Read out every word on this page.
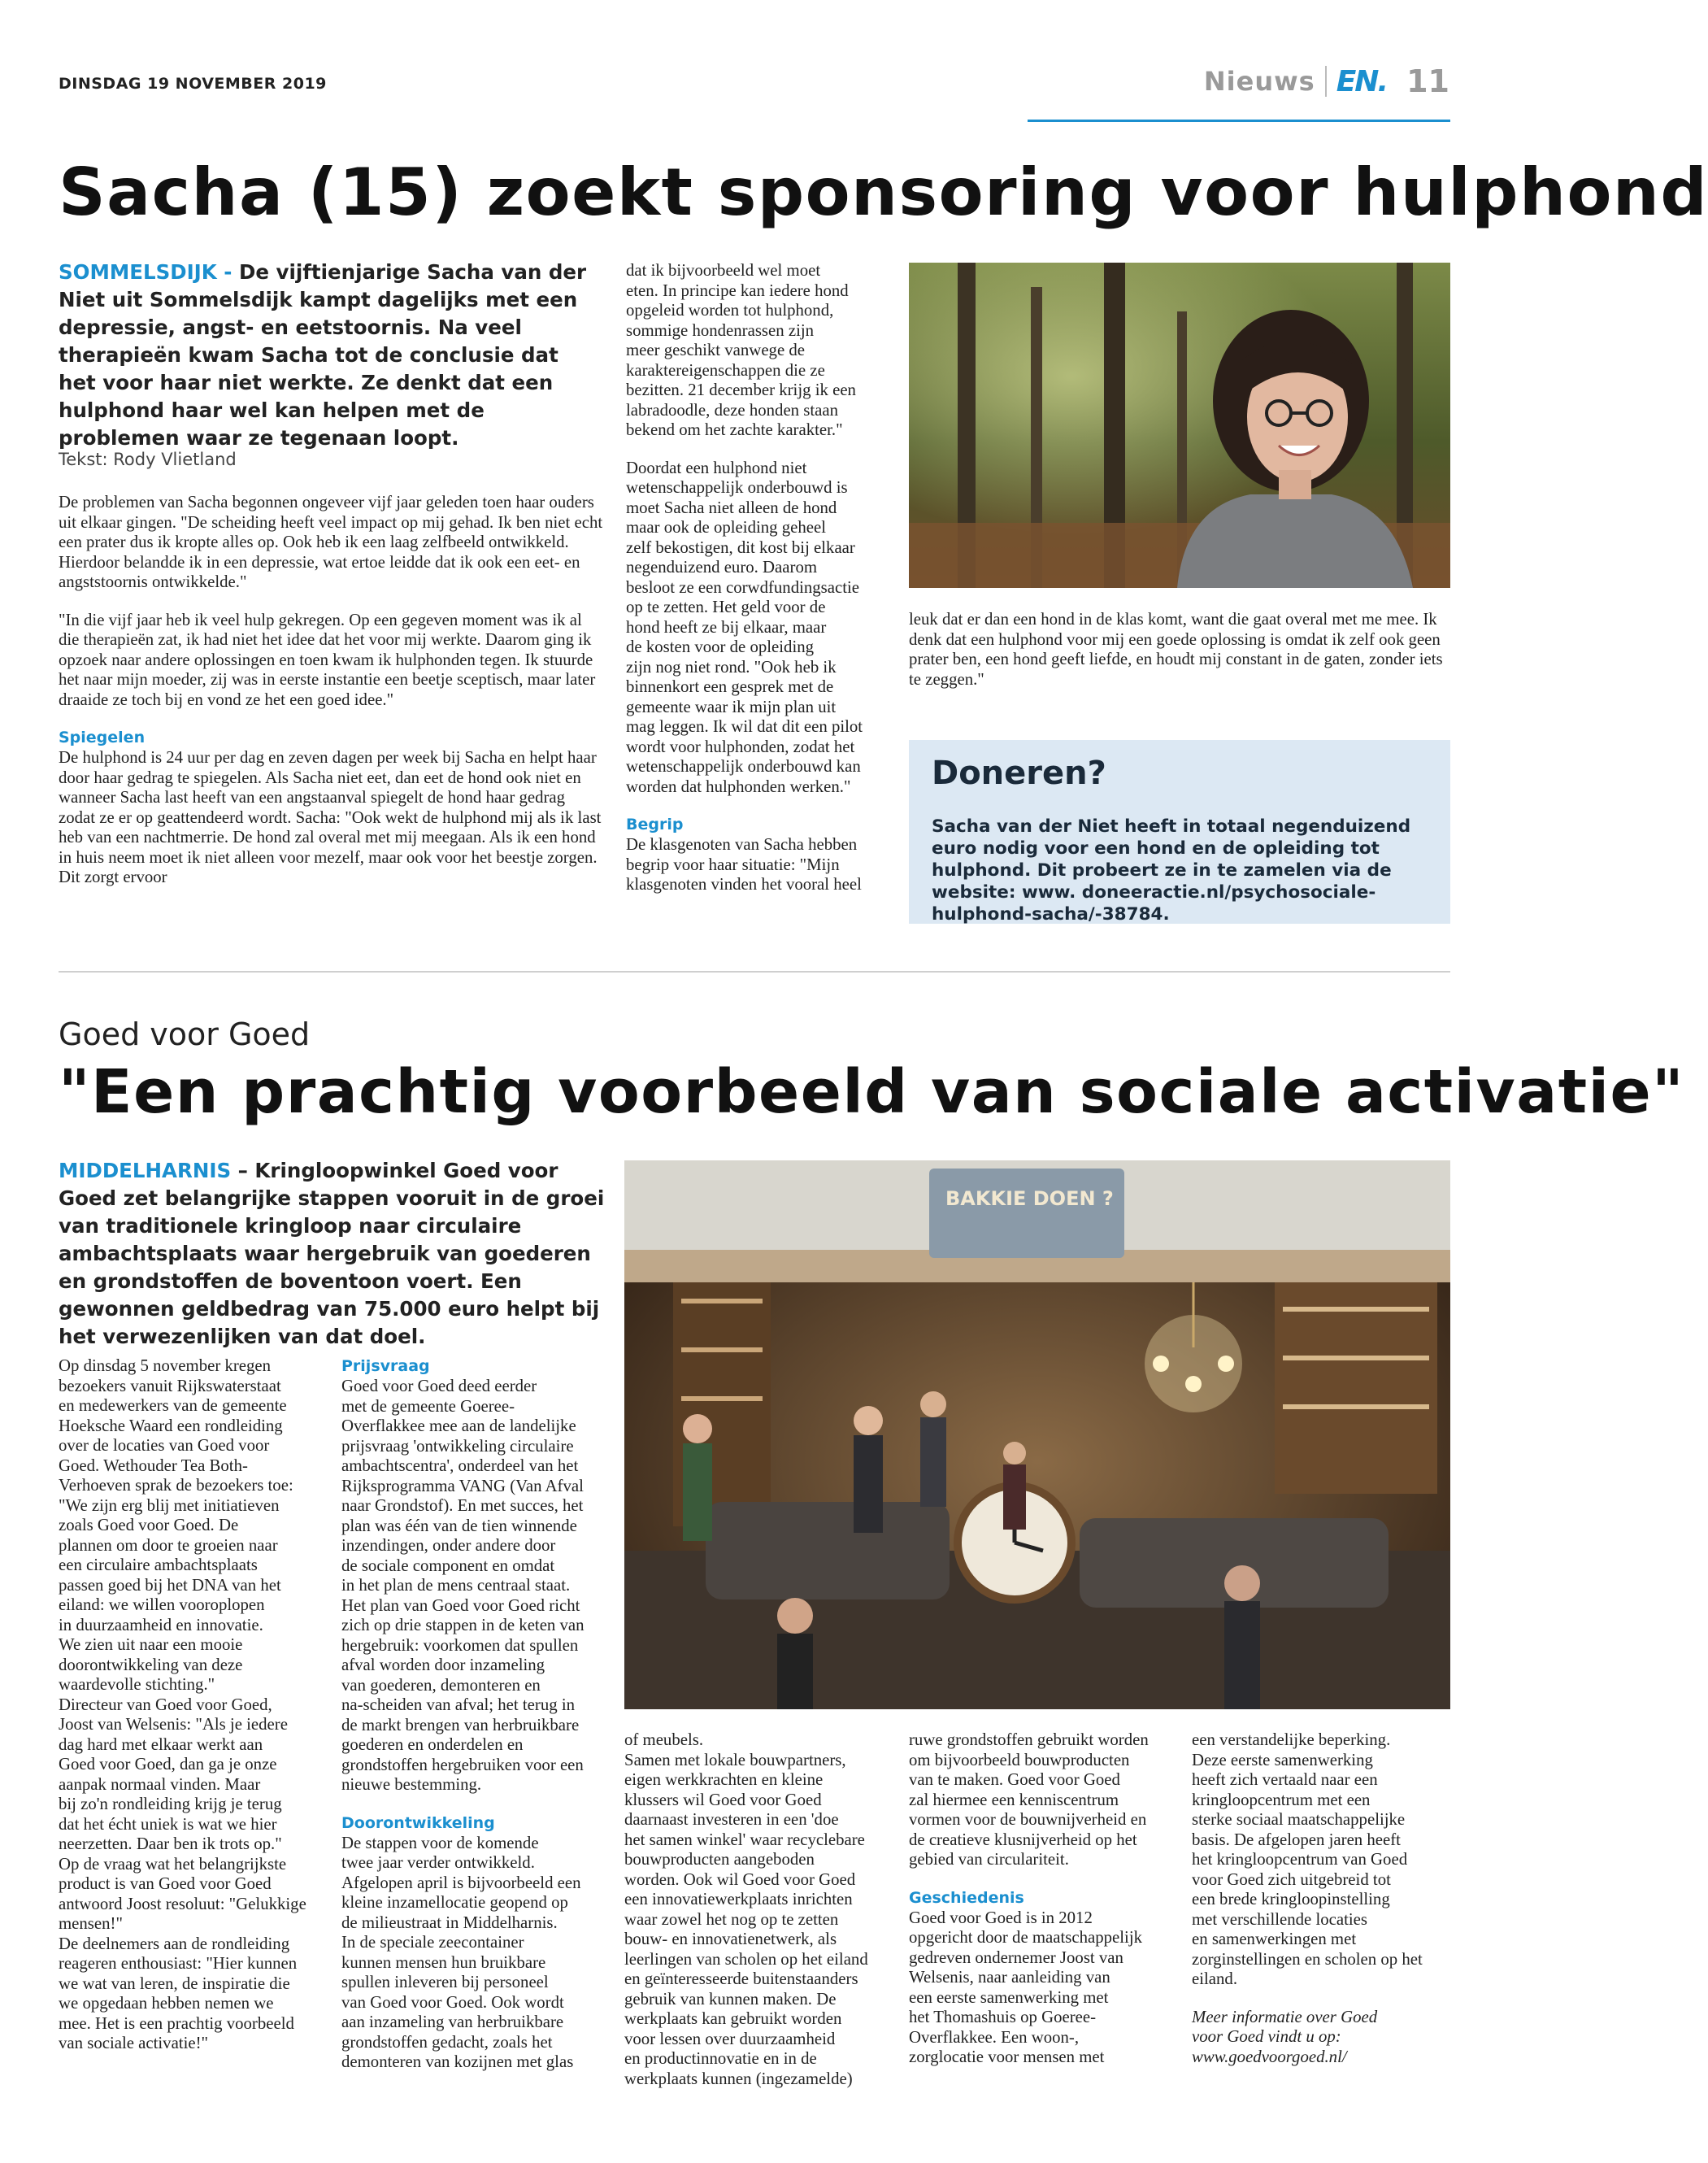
DINSDAG 19 NOVEMBER 2019	Nieuws EN. 11
Sacha (15) zoekt sponsoring voor hulphond
SOMMELSDIJK - De vijftienjarige Sacha van der Niet uit Sommelsdijk kampt dagelijks met een depressie, angst- en eetstoornis. Na veel therapieën kwam Sacha tot de conclusie dat het voor haar niet werkte. Ze denkt dat een hulphond haar wel kan helpen met de problemen waar ze tegenaan loopt.
Tekst: Rody Vlietland

De problemen van Sacha begonnen ongeveer vijf jaar geleden toen haar ouders uit elkaar gingen. "De scheiding heeft veel impact op mij gehad. Ik ben niet echt een prater dus ik kropte alles op. Ook heb ik een laag zelfbeeld ontwikkeld. Hierdoor belandde ik in een depressie, wat ertoe leidde dat ik ook een eet- en angststoornis ontwikkelde."

"In die vijf jaar heb ik veel hulp gekregen. Op een gegeven moment was ik al die therapieën zat, ik had niet het idee dat het voor mij werkte. Daarom ging ik opzoek naar andere oplossingen en toen kwam ik hulphonden tegen. Ik stuurde het naar mijn moeder, zij was in eerste instantie een beetje sceptisch, maar later draaide ze toch bij en vond ze het een goed idee."

Spiegelen

De hulphond is 24 uur per dag en zeven dagen per week bij Sacha en helpt haar door haar gedrag te spiegelen. Als Sacha niet eet, dan eet de hond ook niet en wanneer Sacha last heeft van een angstaanval spiegelt de hond haar gedrag zodat ze er op geattendeerd wordt. Sacha: "Ook wekt de hulphond mij als ik last heb van een nachtmerrie. De hond zal overal met mij meegaan. Als ik een hond in huis neem moet ik niet alleen voor mezelf, maar ook voor het beestje zorgen. Dit zorgt ervoor

dat ik bijvoorbeeld wel moet
eten. In principe kan iedere hond
opgeleid worden tot hulphond,
sommige hondenrassen zijn
meer geschikt vanwege de
karaktereigenschappen die ze
bezitten. 21 december krijg ik een
labradoodle, deze honden staan
bekend om het zachte karakter."

Doordat een hulphond niet
wetenschappelijk onderbouwd is
moet Sacha niet alleen de hond
maar ook de opleiding geheel
zelf bekostigen, dit kost bij elkaar
negenduizend euro. Daarom
besloot ze een corwdfundingsactie
op te zetten. Het geld voor de
hond heeft ze bij elkaar, maar
de kosten voor de opleiding
zijn nog niet rond. "Ook heb ik
binnenkort een gesprek met de
gemeente waar ik mijn plan uit
mag leggen. Ik wil dat dit een pilot
wordt voor hulphonden, zodat het
wetenschappelijk onderbouwd kan
worden dat hulphonden werken."

Begrip

De klasgenoten van Sacha hebben
begrip voor haar situatie: "Mijn
klasgenoten vinden het vooral heel

leuk dat er dan een hond in de klas komt, want die gaat overal met me mee. Ik denk dat een hulphond voor mij een goede oplossing is omdat ik zelf ook geen prater ben, een hond geeft liefde, en houdt mij constant in de gaten, zonder iets te zeggen."

Doneren?
Sacha van der Niet heeft in totaal negenduizend euro nodig voor een hond en de opleiding tot hulphond. Dit probeert ze in te zamelen via de website: www. doneeractie.nl/psychosociale-hulphond-sacha/-38784.
Goed voor Goed
"Een prachtig voorbeeld van sociale activatie"
MIDDELHARNIS – Kringloopwinkel Goed voor Goed zet belangrijke stappen vooruit in de groei van traditionele kringloop naar circulaire ambachtsplaats waar hergebruik van goederen en grondstoffen de boventoon voert. Een gewonnen geldbedrag van 75.000 euro helpt bij het verwezenlijken van dat doel.

Op dinsdag 5 november kregen
bezoekers vanuit Rijkswaterstaat
en medewerkers van de gemeente
Hoeksche Waard een rondleiding
over de locaties van Goed voor
Goed. Wethouder Tea Both-
Verhoeven sprak de bezoekers toe:
"We zijn erg blij met initiatieven
zoals Goed voor Goed. De
plannen om door te groeien naar
een circulaire ambachtsplaats
passen goed bij het DNA van het
eiland: we willen vooroplopen
in duurzaamheid en innovatie.
We zien uit naar een mooie
doorontwikkeling van deze
waardevolle stichting."
Directeur van Goed voor Goed,
Joost van Welsenis: "Als je iedere
dag hard met elkaar werkt aan
Goed voor Goed, dan ga je onze
aanpak normaal vinden. Maar
bij zo'n rondleiding krijg je terug
dat het écht uniek is wat we hier
neerzetten. Daar ben ik trots op."
Op de vraag wat het belangrijkste
product is van Goed voor Goed
antwoord Joost resoluut: "Gelukkige
mensen!"
De deelnemers aan de rondleiding
reageren enthousiast: "Hier kunnen
we wat van leren, de inspiratie die
we opgedaan hebben nemen we
mee. Het is een prachtig voorbeeld
van sociale activatie!"

Prijsvraag

Goed voor Goed deed eerder
met de gemeente Goeree-
Overflakkee mee aan de landelijke
prijsvraag 'ontwikkeling circulaire
ambachtscentra', onderdeel van het
Rijksprogramma VANG (Van Afval
naar Grondstof). En met succes, het
plan was één van de tien winnende
inzendingen, onder andere door
de sociale component en omdat
in het plan de mens centraal staat.
Het plan van Goed voor Goed richt
zich op drie stappen in de keten van
hergebruik: voorkomen dat spullen
afval worden door inzameling
van goederen, demonteren en
na-scheiden van afval; het terug in
de markt brengen van herbruikbare
goederen en onderdelen en
grondstoffen hergebruiken voor een
nieuwe bestemming.

Doorontwikkeling

De stappen voor de komende
twee jaar verder ontwikkeld.
Afgelopen april is bijvoorbeeld een
kleine inzamellocatie geopend op
de milieustraat in Middelharnis.
In de speciale zeecontainer
kunnen mensen hun bruikbare
spullen inleveren bij personeel
van Goed voor Goed. Ook wordt
aan inzameling van herbruikbare
grondstoffen gedacht, zoals het
demonteren van kozijnen met glas

BAKKIE DOEN ?

of meubels.
Samen met lokale bouwpartners,
eigen werkkrachten en kleine
klussers wil Goed voor Goed
daarnaast investeren in een 'doe
het samen winkel' waar recyclebare
bouwproducten aangeboden
worden. Ook wil Goed voor Goed
een innovatiewerkplaats inrichten
waar zowel het nog op te zetten
bouw- en innovatienetwerk, als
leerlingen van scholen op het eiland
en geïnteresseerde buitenstaanders
gebruik van kunnen maken. De
werkplaats kan gebruikt worden
voor lessen over duurzaamheid
en productinnovatie en in de
werkplaats kunnen (ingezamelde)

ruwe grondstoffen gebruikt worden
om bijvoorbeeld bouwproducten
van te maken. Goed voor Goed
zal hiermee een kenniscentrum
vormen voor de bouwnijverheid en
de creatieve klusnijverheid op het
gebied van circulariteit.

Geschiedenis

Goed voor Goed is in 2012
opgericht door de maatschappelijk
gedreven ondernemer Joost van
Welsenis, naar aanleiding van
een eerste samenwerking met
het Thomashuis op Goeree-
Overflakkee. Een woon-,
zorglocatie voor mensen met

een verstandelijke beperking.
Deze eerste samenwerking
heeft zich vertaald naar een
kringloopcentrum met een
sterke sociaal maatschappelijke
basis. De afgelopen jaren heeft
het kringloopcentrum van Goed
voor Goed zich uitgebreid tot
een brede kringloopinstelling
met verschillende locaties
en samenwerkingen met
zorginstellingen en scholen op het
eiland.

Meer informatie over Goed
voor Goed vindt u op:
www.goedvoorgoed.nl/
